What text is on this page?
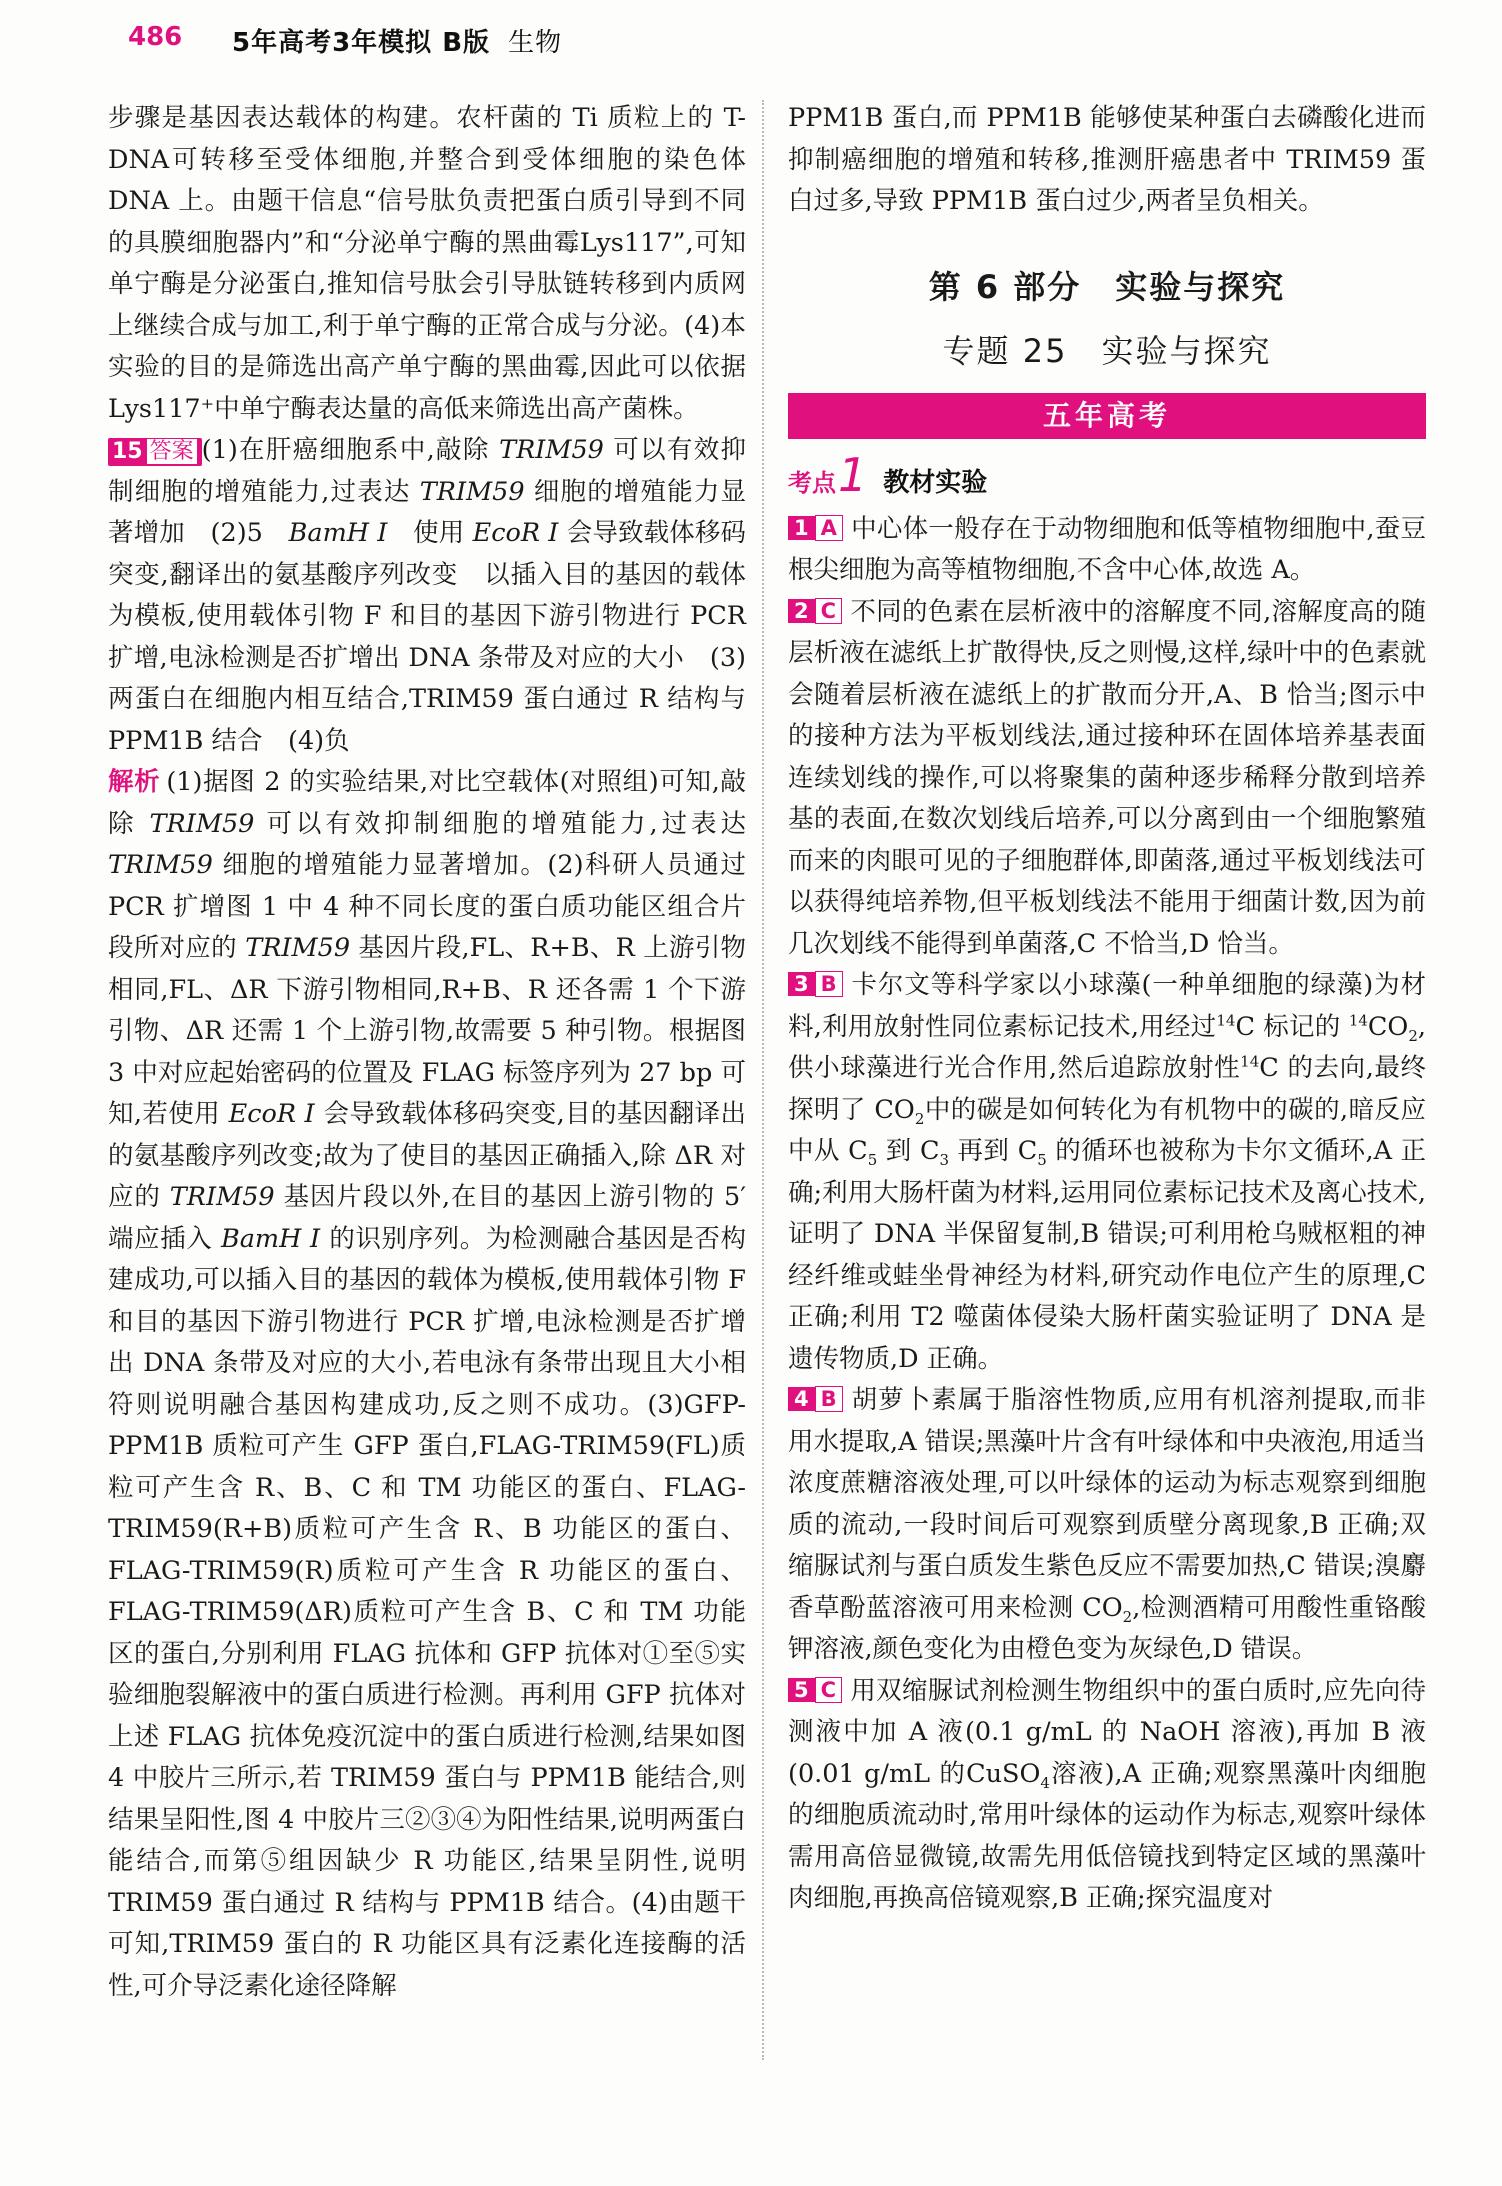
486 5年高考3年模拟 B版 生物

步骤是基因表达载体的构建。农杆菌的 Ti 质粒上的 T-DNA可转移至受体细胞,并整合到受体细胞的染色体 DNA 上。由题干信息“信号肽负责把蛋白质引导到不同的具膜细胞器内”和“分泌单宁酶的黑曲霉Lys117”,可知单宁酶是分泌蛋白,推知信号肽会引导肽链转移到内质网上继续合成与加工,利于单宁酶的正常合成与分泌。(4)本实验的目的是筛选出高产单宁酶的黑曲霉,因此可以依据 Lys117⁺中单宁酶表达量的高低来筛选出高产菌株。

15 答案 (1)在肝癌细胞系中,敲除 TRIM59 可以有效抑制细胞的增殖能力,过表达 TRIM59 细胞的增殖能力显著增加　(2)5　BamH Ⅰ　使用 EcoR Ⅰ 会导致载体移码突变,翻译出的氨基酸序列改变　以插入目的基因的载体为模板,使用载体引物 F 和目的基因下游引物进行 PCR 扩增,电泳检测是否扩增出 DNA 条带及对应的大小　(3)两蛋白在细胞内相互结合,TRIM59 蛋白通过 R 结构与 PPM1B 结合　(4)负

解析 (1)据图 2 的实验结果,对比空载体(对照组)可知,敲除 TRIM59 可以有效抑制细胞的增殖能力,过表达 TRIM59 细胞的增殖能力显著增加。(2)科研人员通过 PCR 扩增图 1 中 4 种不同长度的蛋白质功能区组合片段所对应的 TRIM59 基因片段,FL、R+B、R 上游引物相同,FL、ΔR 下游引物相同,R+B、R 还各需 1 个下游引物、ΔR 还需 1 个上游引物,故需要 5 种引物。根据图 3 中对应起始密码的位置及 FLAG 标签序列为 27 bp 可知,若使用 EcoR Ⅰ 会导致载体移码突变,目的基因翻译出的氨基酸序列改变;故为了使目的基因正确插入,除 ΔR 对应的 TRIM59 基因片段以外,在目的基因上游引物的 5′端应插入 BamH Ⅰ 的识别序列。为检测融合基因是否构建成功,可以插入目的基因的载体为模板,使用载体引物 F 和目的基因下游引物进行 PCR 扩增,电泳检测是否扩增出 DNA 条带及对应的大小,若电泳有条带出现且大小相符则说明融合基因构建成功,反之则不成功。(3)GFP-PPM1B 质粒可产生 GFP 蛋白,FLAG-TRIM59(FL)质粒可产生含 R、B、C 和 TM 功能区的蛋白、FLAG-TRIM59(R+B)质粒可产生含 R、B 功能区的蛋白、FLAG-TRIM59(R)质粒可产生含 R 功能区的蛋白、FLAG-TRIM59(ΔR)质粒可产生含 B、C 和 TM 功能区的蛋白,分别利用 FLAG 抗体和 GFP 抗体对①至⑤实验细胞裂解液中的蛋白质进行检测。再利用 GFP 抗体对上述 FLAG 抗体免疫沉淀中的蛋白质进行检测,结果如图 4 中胶片三所示,若 TRIM59 蛋白与 PPM1B 能结合,则结果呈阳性,图 4 中胶片三②③④为阳性结果,说明两蛋白能结合,而第⑤组因缺少 R 功能区,结果呈阴性,说明 TRIM59 蛋白通过 R 结构与 PPM1B 结合。(4)由题干可知,TRIM59 蛋白的 R 功能区具有泛素化连接酶的活性,可介导泛素化途径降解

PPM1B 蛋白,而 PPM1B 能够使某种蛋白去磷酸化进而抑制癌细胞的增殖和转移,推测肝癌患者中 TRIM59 蛋白过多,导致 PPM1B 蛋白过少,两者呈负相关。

第 6 部分　实验与探究
专题 25　实验与探究
五年高考
考点1 教材实验

1 A 中心体一般存在于动物细胞和低等植物细胞中,蚕豆根尖细胞为高等植物细胞,不含中心体,故选 A。

2 C 不同的色素在层析液中的溶解度不同,溶解度高的随层析液在滤纸上扩散得快,反之则慢,这样,绿叶中的色素就会随着层析液在滤纸上的扩散而分开,A、B 恰当;图示中的接种方法为平板划线法,通过接种环在固体培养基表面连续划线的操作,可以将聚集的菌种逐步稀释分散到培养基的表面,在数次划线后培养,可以分离到由一个细胞繁殖而来的肉眼可见的子细胞群体,即菌落,通过平板划线法可以获得纯培养物,但平板划线法不能用于细菌计数,因为前几次划线不能得到单菌落,C 不恰当,D 恰当。

3 B 卡尔文等科学家以小球藻(一种单细胞的绿藻)为材料,利用放射性同位素标记技术,用经过$^{14}$C 标记的 $^{14}CO_2$,供小球藻进行光合作用,然后追踪放射性$^{14}$C 的去向,最终探明了 $CO_2$中的碳是如何转化为有机物中的碳的,暗反应中从 $C_5$ 到 $C_3$ 再到 $C_5$ 的循环也被称为卡尔文循环,A 正确;利用大肠杆菌为材料,运用同位素标记技术及离心技术,证明了 DNA 半保留复制,B 错误;可利用枪乌贼枢粗的神经纤维或蛙坐骨神经为材料,研究动作电位产生的原理,C 正确;利用 T2 噬菌体侵染大肠杆菌实验证明了 DNA 是遗传物质,D 正确。

4 B 胡萝卜素属于脂溶性物质,应用有机溶剂提取,而非用水提取,A 错误;黑藻叶片含有叶绿体和中央液泡,用适当浓度蔗糖溶液处理,可以叶绿体的运动为标志观察到细胞质的流动,一段时间后可观察到质壁分离现象,B 正确;双缩脲试剂与蛋白质发生紫色反应不需要加热,C 错误;溴麝香草酚蓝溶液可用来检测 $CO_2$,检测酒精可用酸性重铬酸钾溶液,颜色变化为由橙色变为灰绿色,D 错误。

5 C 用双缩脲试剂检测生物组织中的蛋白质时,应先向待测液中加 A 液(0.1 g/mL 的 NaOH 溶液),再加 B 液(0.01 g/mL 的CuSO$_4$溶液),A 正确;观察黑藻叶肉细胞的细胞质流动时,常用叶绿体的运动作为标志,观察叶绿体需用高倍显微镜,故需先用低倍镜找到特定区域的黑藻叶肉细胞,再换高倍镜观察,B 正确;探究温度对
